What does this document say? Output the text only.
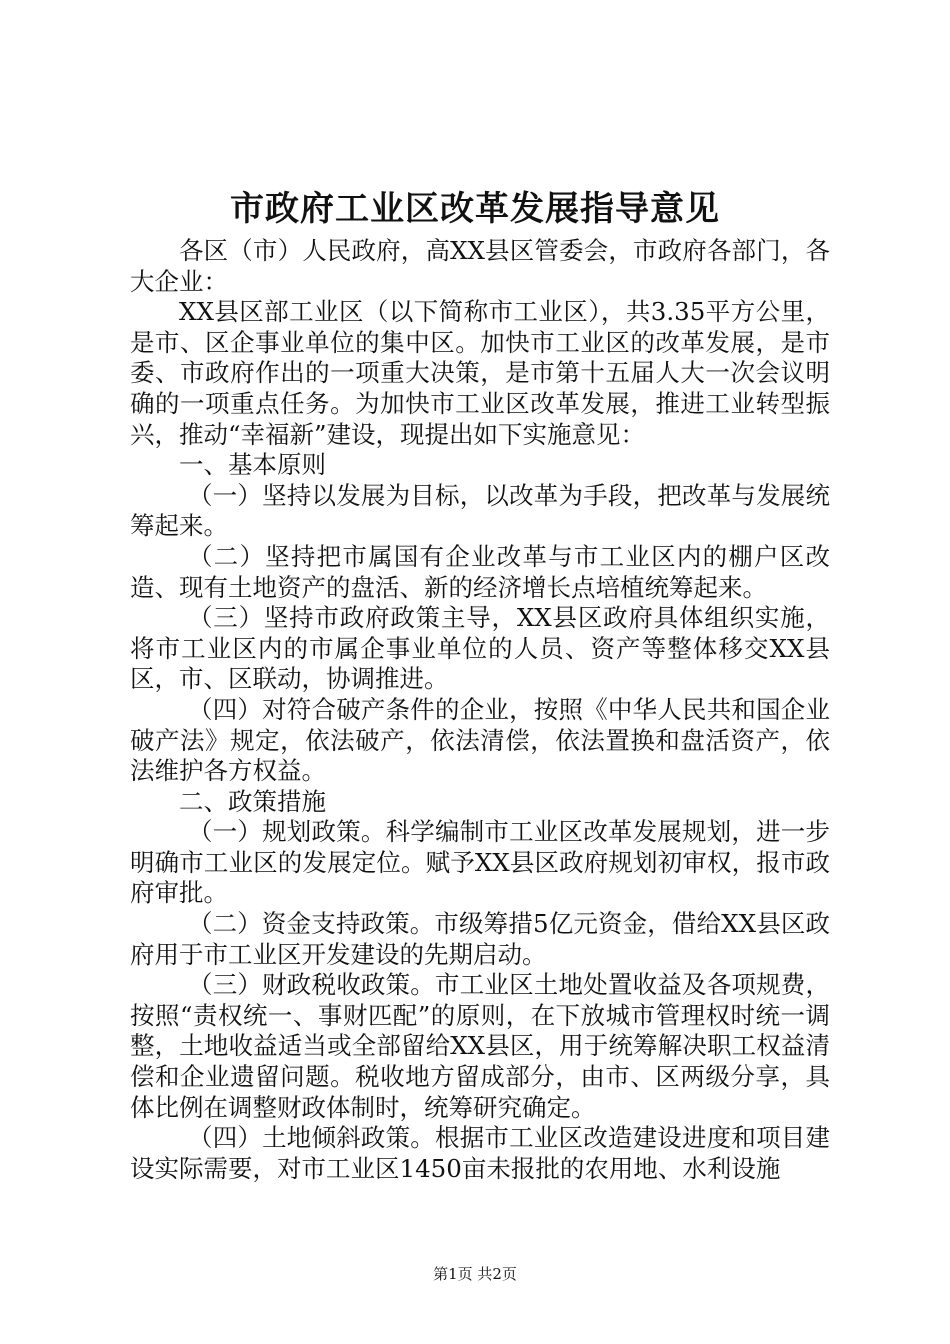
市政府工业区改革发展指导意见

各区（市）人民政府，高XX县区管委会，市政府各部门，各大企业：

XX县区部工业区（以下简称市工业区），共3.35平方公里，是市、区企事业单位的集中区。加快市工业区的改革发展，是市委、市政府作出的一项重大决策，是市第十五届人大一次会议明确的一项重点任务。为加快市工业区改革发展，推进工业转型振兴，推动“幸福新”建设，现提出如下实施意见：

一、基本原则

（一）坚持以发展为目标，以改革为手段，把改革与发展统筹起来。

（二）坚持把市属国有企业改革与市工业区内的棚户区改造、现有土地资产的盘活、新的经济增长点培植统筹起来。

（三）坚持市政府政策主导，XX县区政府具体组织实施，将市工业区内的市属企事业单位的人员、资产等整体移交XX县区，市、区联动，协调推进。

（四）对符合破产条件的企业，按照《中华人民共和国企业破产法》规定，依法破产，依法清偿，依法置换和盘活资产，依法维护各方权益。

二、政策措施

（一）规划政策。科学编制市工业区改革发展规划，进一步明确市工业区的发展定位。赋予XX县区政府规划初审权，报市政府审批。

（二）资金支持政策。市级筹措5亿元资金，借给XX县区政府用于市工业区开发建设的先期启动。

（三）财政税收政策。市工业区土地处置收益及各项规费，按照“责权统一、事财匹配”的原则，在下放城市管理权时统一调整，土地收益适当或全部留给XX县区，用于统筹解决职工权益清偿和企业遗留问题。税收地方留成部分，由市、区两级分享，具体比例在调整财政体制时，统筹研究确定。

（四）土地倾斜政策。根据市工业区改造建设进度和项目建设实际需要，对市工业区1450亩未报批的农用地、水利设施

第1页 共2页
